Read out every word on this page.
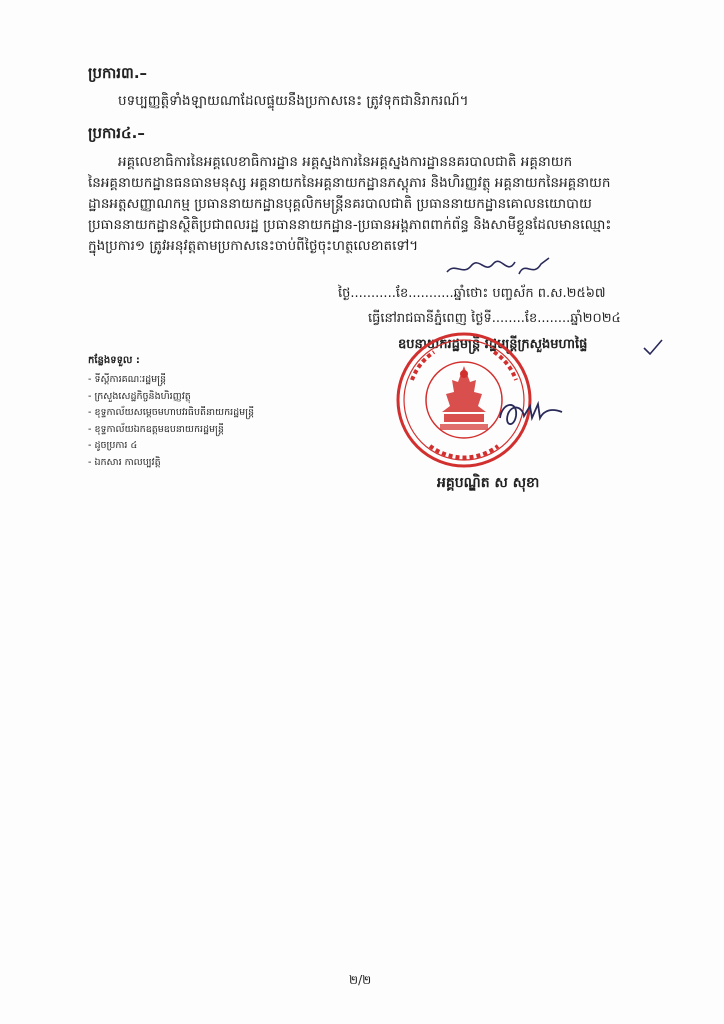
ប្រការ៣.–
បទប្បញ្ញត្តិទាំងឡាយណាដែលផ្ទុយនឹងប្រកាសនេះ ត្រូវទុកជានិរាករណ៍។
ប្រការ៤.–
អគ្គលេខាធិការនៃអគ្គលេខាធិការដ្ឋាន អគ្គស្នងការនៃអគ្គស្នងការដ្ឋាននគរបាលជាតិ អគ្គនាយក
នៃអគ្គនាយកដ្ឋានធនធានមនុស្ស អគ្គនាយកនៃអគ្គនាយកដ្ឋានភស្តុភារ និងហិរញ្ញវត្ថុ អគ្គនាយកនៃអគ្គនាយក
ដ្ឋានអត្តសញ្ញាណកម្ម ប្រធាននាយកដ្ឋានបុគ្គលិកមន្ត្រីនគរបាលជាតិ ប្រធាននាយកដ្ឋានគោលនយោបាយ
ប្រធាននាយកដ្ឋានស្ថិតិប្រជាពលរដ្ឋ ប្រធាននាយកដ្ឋាន-ប្រធានអង្គភាពពាក់ព័ន្ធ និងសាមីខ្លួនដែលមានឈ្មោះ
ក្នុងប្រការ១ ត្រូវអនុវត្តតាមប្រកាសនេះចាប់ពីថ្ងៃចុះហត្ថលេខាតទៅ។
ថ្ងៃ...........ខែ...........ឆ្នាំថោះ បញ្ចស័ក ព.ស.២៥៦៧
ធ្វើនៅរាជធានីភ្នំពេញ ថ្ងៃទី........ខែ........ឆ្នាំ២០២៤
ឧបនាយករដ្ឋមន្ត្រី រដ្ឋមន្ត្រីក្រសួងមហាផ្ទៃ
អគ្គបណ្ឌិត ស សុខា
កន្លែងទទួល :
- ទីស្តីការគណៈរដ្ឋមន្ត្រី
- ក្រសួងសេដ្ឋកិច្ចនិងហិរញ្ញវត្ថុ
- ខុទ្ទកាល័យសម្តេចមហាបវរធិបតីនាយករដ្ឋមន្ត្រី
- ខុទ្ទកាល័យឯកឧត្តមឧបនាយករដ្ឋមន្ត្រី
- ដូចប្រការ ៤
- ឯកសារ កាលប្បវត្តិ
២/២
